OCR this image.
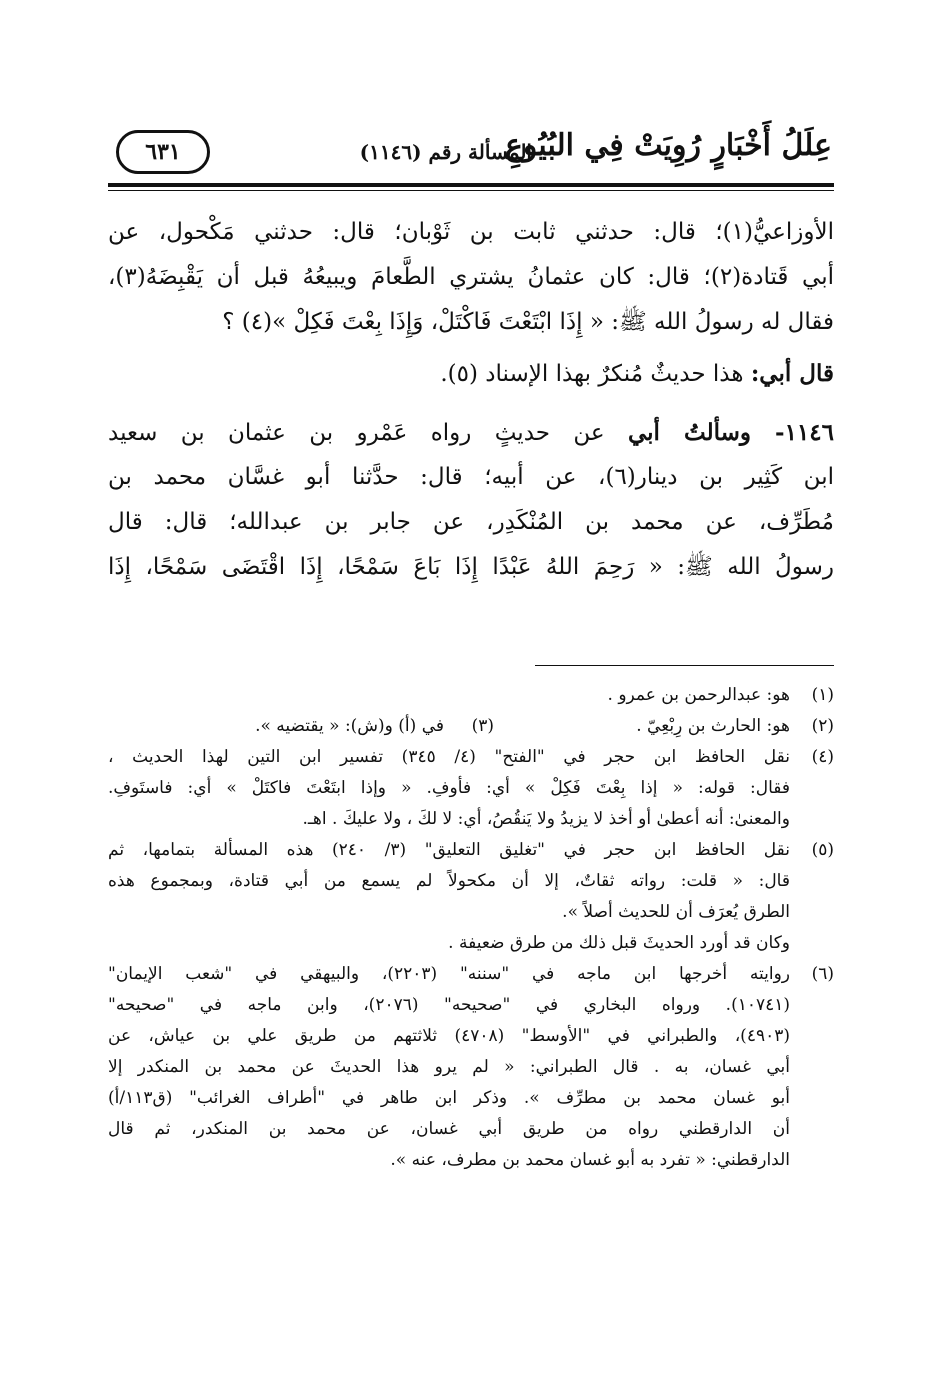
عِلَلُ أَخْبَارٍ رُوِيَتْ فِي البُيُوعِ
المسألة رقم (١١٤٦)
٦٣١
الأوزاعيُّ(١)؛ قال: حدثني ثابت بن ثَوْبان؛ قال: حدثني مَكْحول، عن
أبي قَتادة(٢)؛ قال: كان عثمانُ يشتري الطَّعامَ ويبيعُهُ قبل أن يَقْبِضَهُ(٣)،
فقال له رسولُ الله ﷺ: « إِذَا ابْتَعْتَ فَاكْتَلْ، وَإِذَا بِعْتَ فَكِلْ »(٤) ؟
قال أبي: هذا حديثٌ مُنكرٌ بهذا الإسناد (٥).
١١٤٦- وسألتُ أبي عن حديثٍ رواه عَمْرو بن عثمان بن سعيد
ابن كَثِير بن دينار(٦)، عن أبيه؛ قال: حدَّثنا أبو غسَّان محمد بن
مُطَرِّف، عن محمد بن المُنْكَدِر، عن جابر بن عبدالله؛ قال: قال
رسولُ الله ﷺ: « رَحِمَ اللهُ عَبْدًا إِذَا بَاعَ سَمْحًا، إِذَا اقْتَضَى سَمْحًا، إِذَا
(١)
هو: عبدالرحمن بن عمرو .
(٢)
هو: الحارث بن رِبْعِيّ .
(٣)
في (أ) و(ش): « يقتضيه ».
(٤)
نقل الحافظ ابن حجر في "الفتح" (٤/ ٣٤٥) تفسير ابن التين لهذا الحديث ،
فقال: قوله: « إذا بِعْتَ فَكِلْ » أي: فأوفِ. « وإذا ابتَعْتَ فاكتَلْ » أي: فاستَوفِ.
والمعنىٰ: أنه أعطىٰ أو أخذ لا يزيدُ ولا يَنقُصُ، أي: لا لكَ ، ولا عليكَ . اهـ.
(٥)
نقل الحافظ ابن حجر في "تغليق التعليق" (٣/ ٢٤٠) هذه المسألة بتمامها، ثم
قال: « قلت: رواته ثقاتٌ، إلا أن مكحولاً لم يسمع من أبي قتادة، وبمجموع هذه
الطرق يُعرَف أن للحديث أصلاً ».
وكان قد أورد الحديثَ قبل ذلك من طرق ضعيفة .
(٦)
روايته أخرجها ابن ماجه في "سننه" (٢٢٠٣)، والبيهقي في "شعب الإيمان"
(١٠٧٤١). ورواه البخاري في "صحيحه" (٢٠٧٦)، وابن ماجه في "صحيحه"
(٤٩٠٣)، والطبراني في "الأوسط" (٤٧٠٨) ثلاثتهم من طريق علي بن عياش، عن
أبي غسان، به . قال الطبراني: « لم يرو هذا الحديثَ عن محمد بن المنكدر إلا
أبو غسان محمد بن مطرِّف ». وذكر ابن طاهر في "أطراف الغرائب" (ق١١٣/أ)
أن الدارقطني رواه من طريق أبي غسان، عن محمد بن المنكدر، ثم قال
الدارقطني: « تفرد به أبو غسان محمد بن مطرف، عنه ».
